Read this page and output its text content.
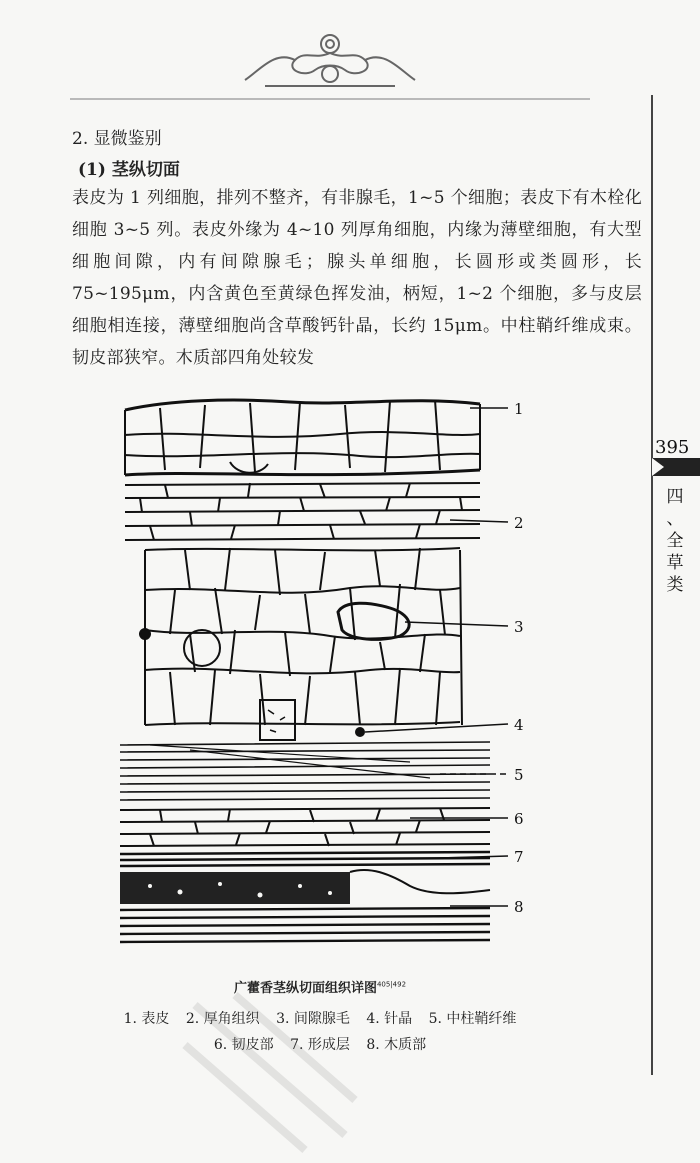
395
四
、
全
草
类
2. 显微鉴别
(1) 茎纵切面
表皮为 1 列细胞，排列不整齐，有非腺毛，1~5 个细胞；表皮下有木栓化细胞 3~5 列。表皮外缘为 4~10 列厚角细胞，内缘为薄壁细胞，有大型细胞间隙，内有间隙腺毛；腺头单细胞，长圆形或类圆形，长 75~195μm，内含黄色至黄绿色挥发油，柄短，1~2 个细胞，多与皮层细胞相连接，薄壁细胞尚含草酸钙针晶，长约 15μm。中柱鞘纤维成束。韧皮部狭窄。木质部四角处较发
1
2
3
4
5
6
7
8
广藿香茎纵切面组织详图$^{405|492}$
1. 表皮 2. 厚角组织 3. 间隙腺毛 4. 针晶 5. 中柱鞘纤维
6. 韧皮部 7. 形成层 8. 木质部
